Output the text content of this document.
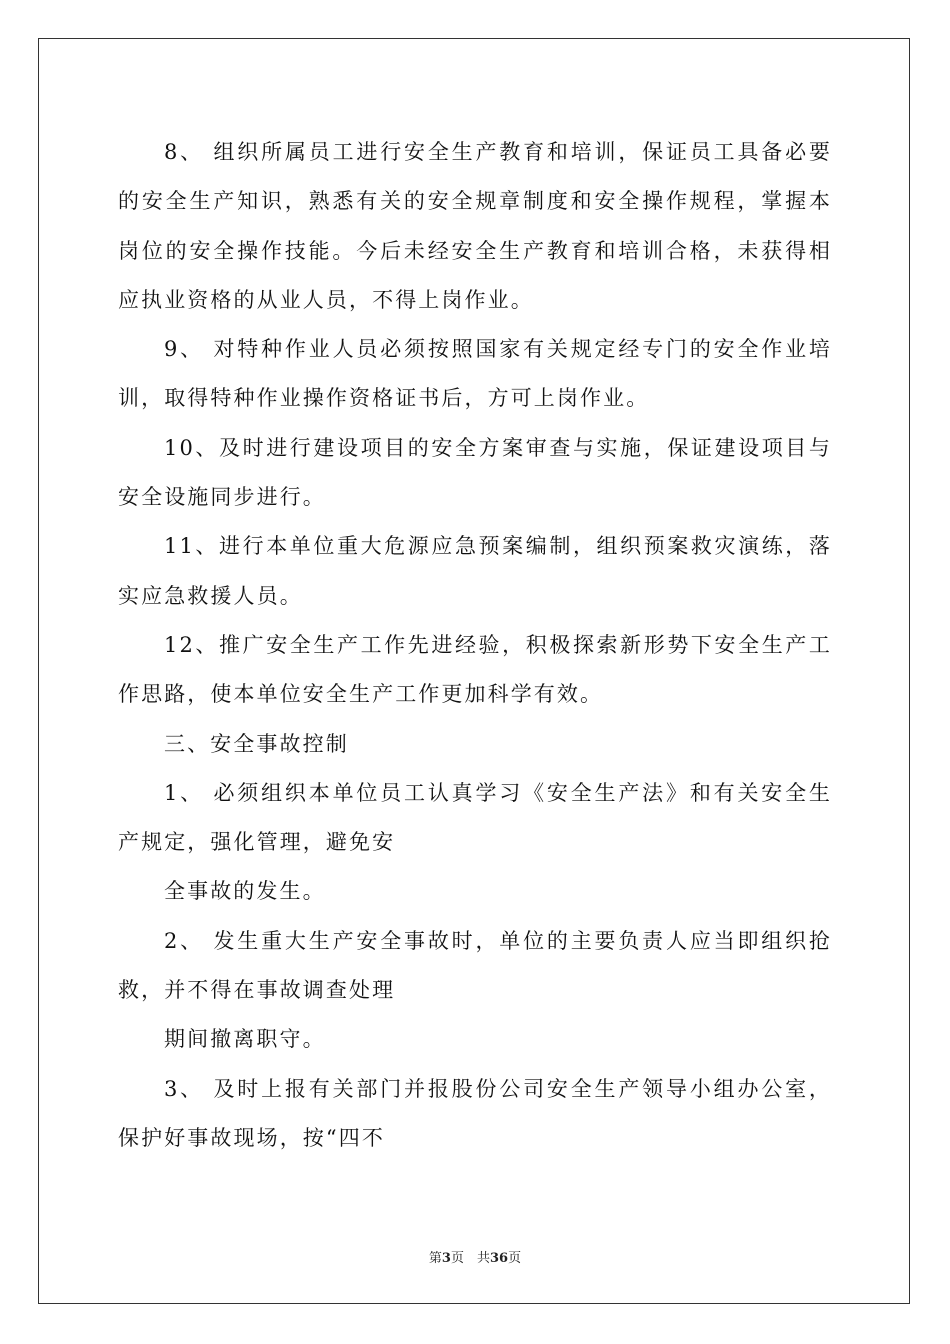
8、 组织所属员工进行安全生产教育和培训，保证员工具备必要的安全生产知识，熟悉有关的安全规章制度和安全操作规程，掌握本岗位的安全操作技能。今后未经安全生产教育和培训合格，未获得相应执业资格的从业人员，不得上岗作业。

9、 对特种作业人员必须按照国家有关规定经专门的安全作业培训，取得特种作业操作资格证书后，方可上岗作业。

10、及时进行建设项目的安全方案审查与实施，保证建设项目与安全设施同步进行。

11、进行本单位重大危源应急预案编制，组织预案救灾演练，落实应急救援人员。

12、推广安全生产工作先进经验，积极探索新形势下安全生产工作思路，使本单位安全生产工作更加科学有效。

三、安全事故控制

1、 必须组织本单位员工认真学习《安全生产法》和有关安全生产规定，强化管理，避免安

全事故的发生。

2、 发生重大生产安全事故时，单位的主要负责人应当即组织抢救，并不得在事故调查处理

期间撤离职守。

3、 及时上报有关部门并报股份公司安全生产领导小组办公室，保护好事故现场，按“四不

第3页　共36页
